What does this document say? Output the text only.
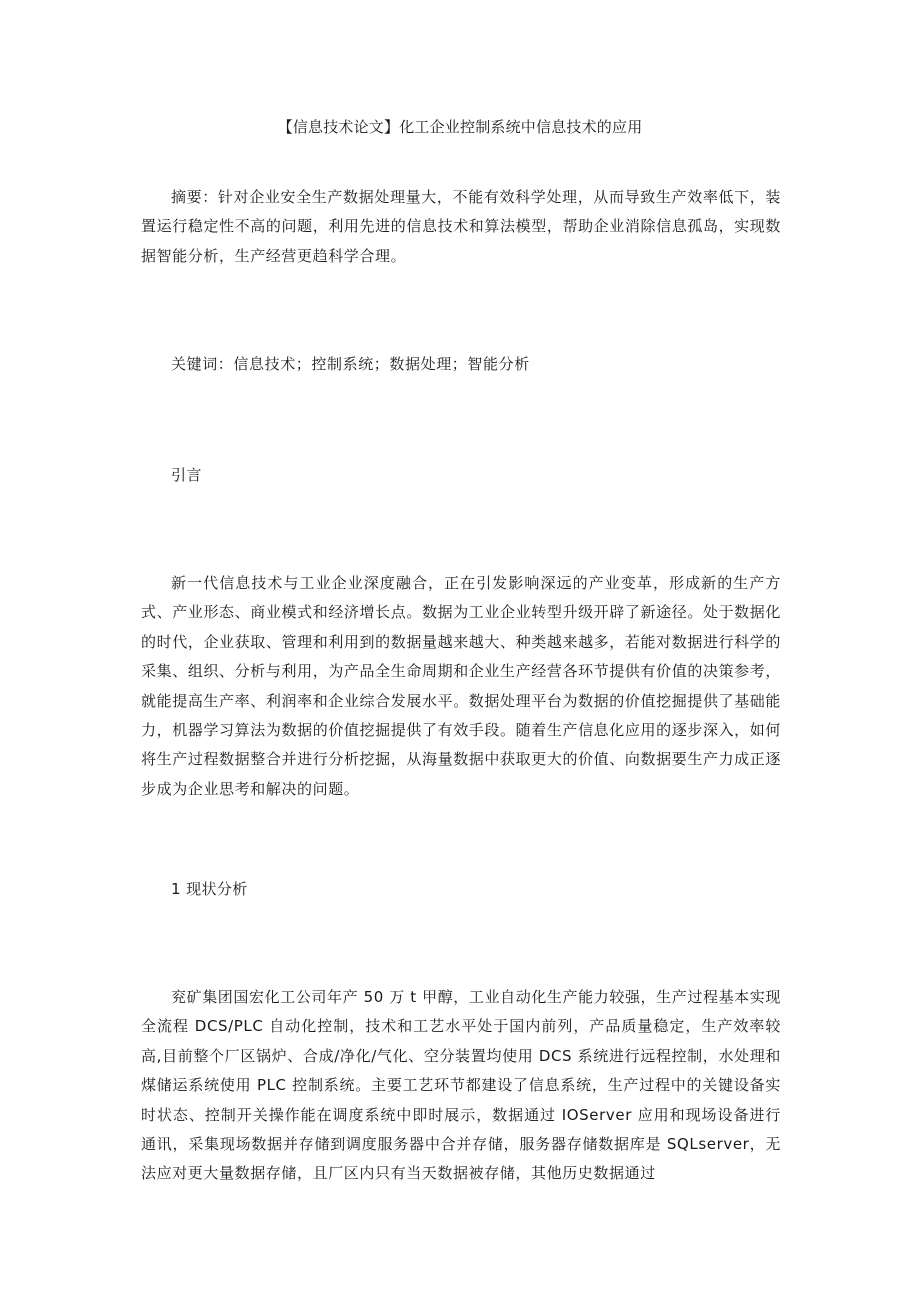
【信息技术论文】化工企业控制系统中信息技术的应用

摘要：针对企业安全生产数据处理量大，不能有效科学处理，从而导致生产效率低下，装置运行稳定性不高的问题，利用先进的信息技术和算法模型，帮助企业消除信息孤岛，实现数据智能分析，生产经营更趋科学合理。

关键词：信息技术；控制系统；数据处理；智能分析

引言

新一代信息技术与工业企业深度融合，正在引发影响深远的产业变革，形成新的生产方式、产业形态、商业模式和经济增长点。数据为工业企业转型升级开辟了新途径。处于数据化的时代，企业获取、管理和利用到的数据量越来越大、种类越来越多，若能对数据进行科学的采集、组织、分析与利用，为产品全生命周期和企业生产经营各环节提供有价值的决策参考，就能提高生产率、利润率和企业综合发展水平。数据处理平台为数据的价值挖掘提供了基础能力，机器学习算法为数据的价值挖掘提供了有效手段。随着生产信息化应用的逐步深入，如何将生产过程数据整合并进行分析挖掘，从海量数据中获取更大的价值、向数据要生产力成正逐步成为企业思考和解决的问题。

1 现状分析

兖矿集团国宏化工公司年产 50 万 t 甲醇，工业自动化生产能力较强，生产过程基本实现全流程 DCS/PLC 自动化控制，技术和工艺水平处于国内前列，产品质量稳定，生产效率较高,目前整个厂区锅炉、合成/净化/气化、空分装置均使用 DCS 系统进行远程控制，水处理和煤储运系统使用 PLC 控制系统。主要工艺环节都建设了信息系统，生产过程中的关键设备实时状态、控制开关操作能在调度系统中即时展示，数据通过 IOServer 应用和现场设备进行通讯，采集现场数据并存储到调度服务器中合并存储，服务器存储数据库是 SQLserver，无法应对更大量数据存储，且厂区内只有当天数据被存储，其他历史数据通过
